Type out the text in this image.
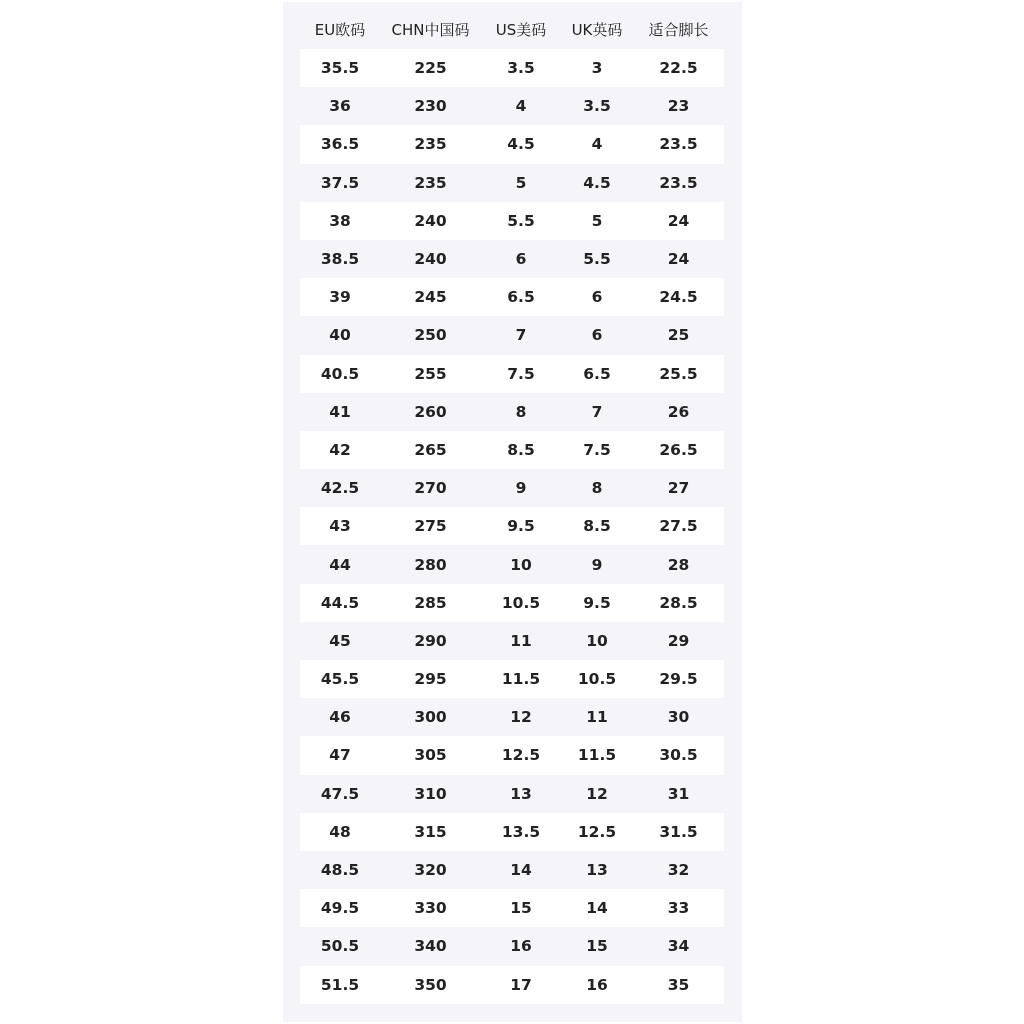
EU欧码	CHN中国码	US美码	UK英码	适合脚长
35.5	225	3.5	3	22.5
36	230	4	3.5	23
36.5	235	4.5	4	23.5
37.5	235	5	4.5	23.5
38	240	5.5	5	24
38.5	240	6	5.5	24
39	245	6.5	6	24.5
40	250	7	6	25
40.5	255	7.5	6.5	25.5
41	260	8	7	26
42	265	8.5	7.5	26.5
42.5	270	9	8	27
43	275	9.5	8.5	27.5
44	280	10	9	28
44.5	285	10.5	9.5	28.5
45	290	11	10	29
45.5	295	11.5	10.5	29.5
46	300	12	11	30
47	305	12.5	11.5	30.5
47.5	310	13	12	31
48	315	13.5	12.5	31.5
48.5	320	14	13	32
49.5	330	15	14	33
50.5	340	16	15	34
51.5	350	17	16	35
